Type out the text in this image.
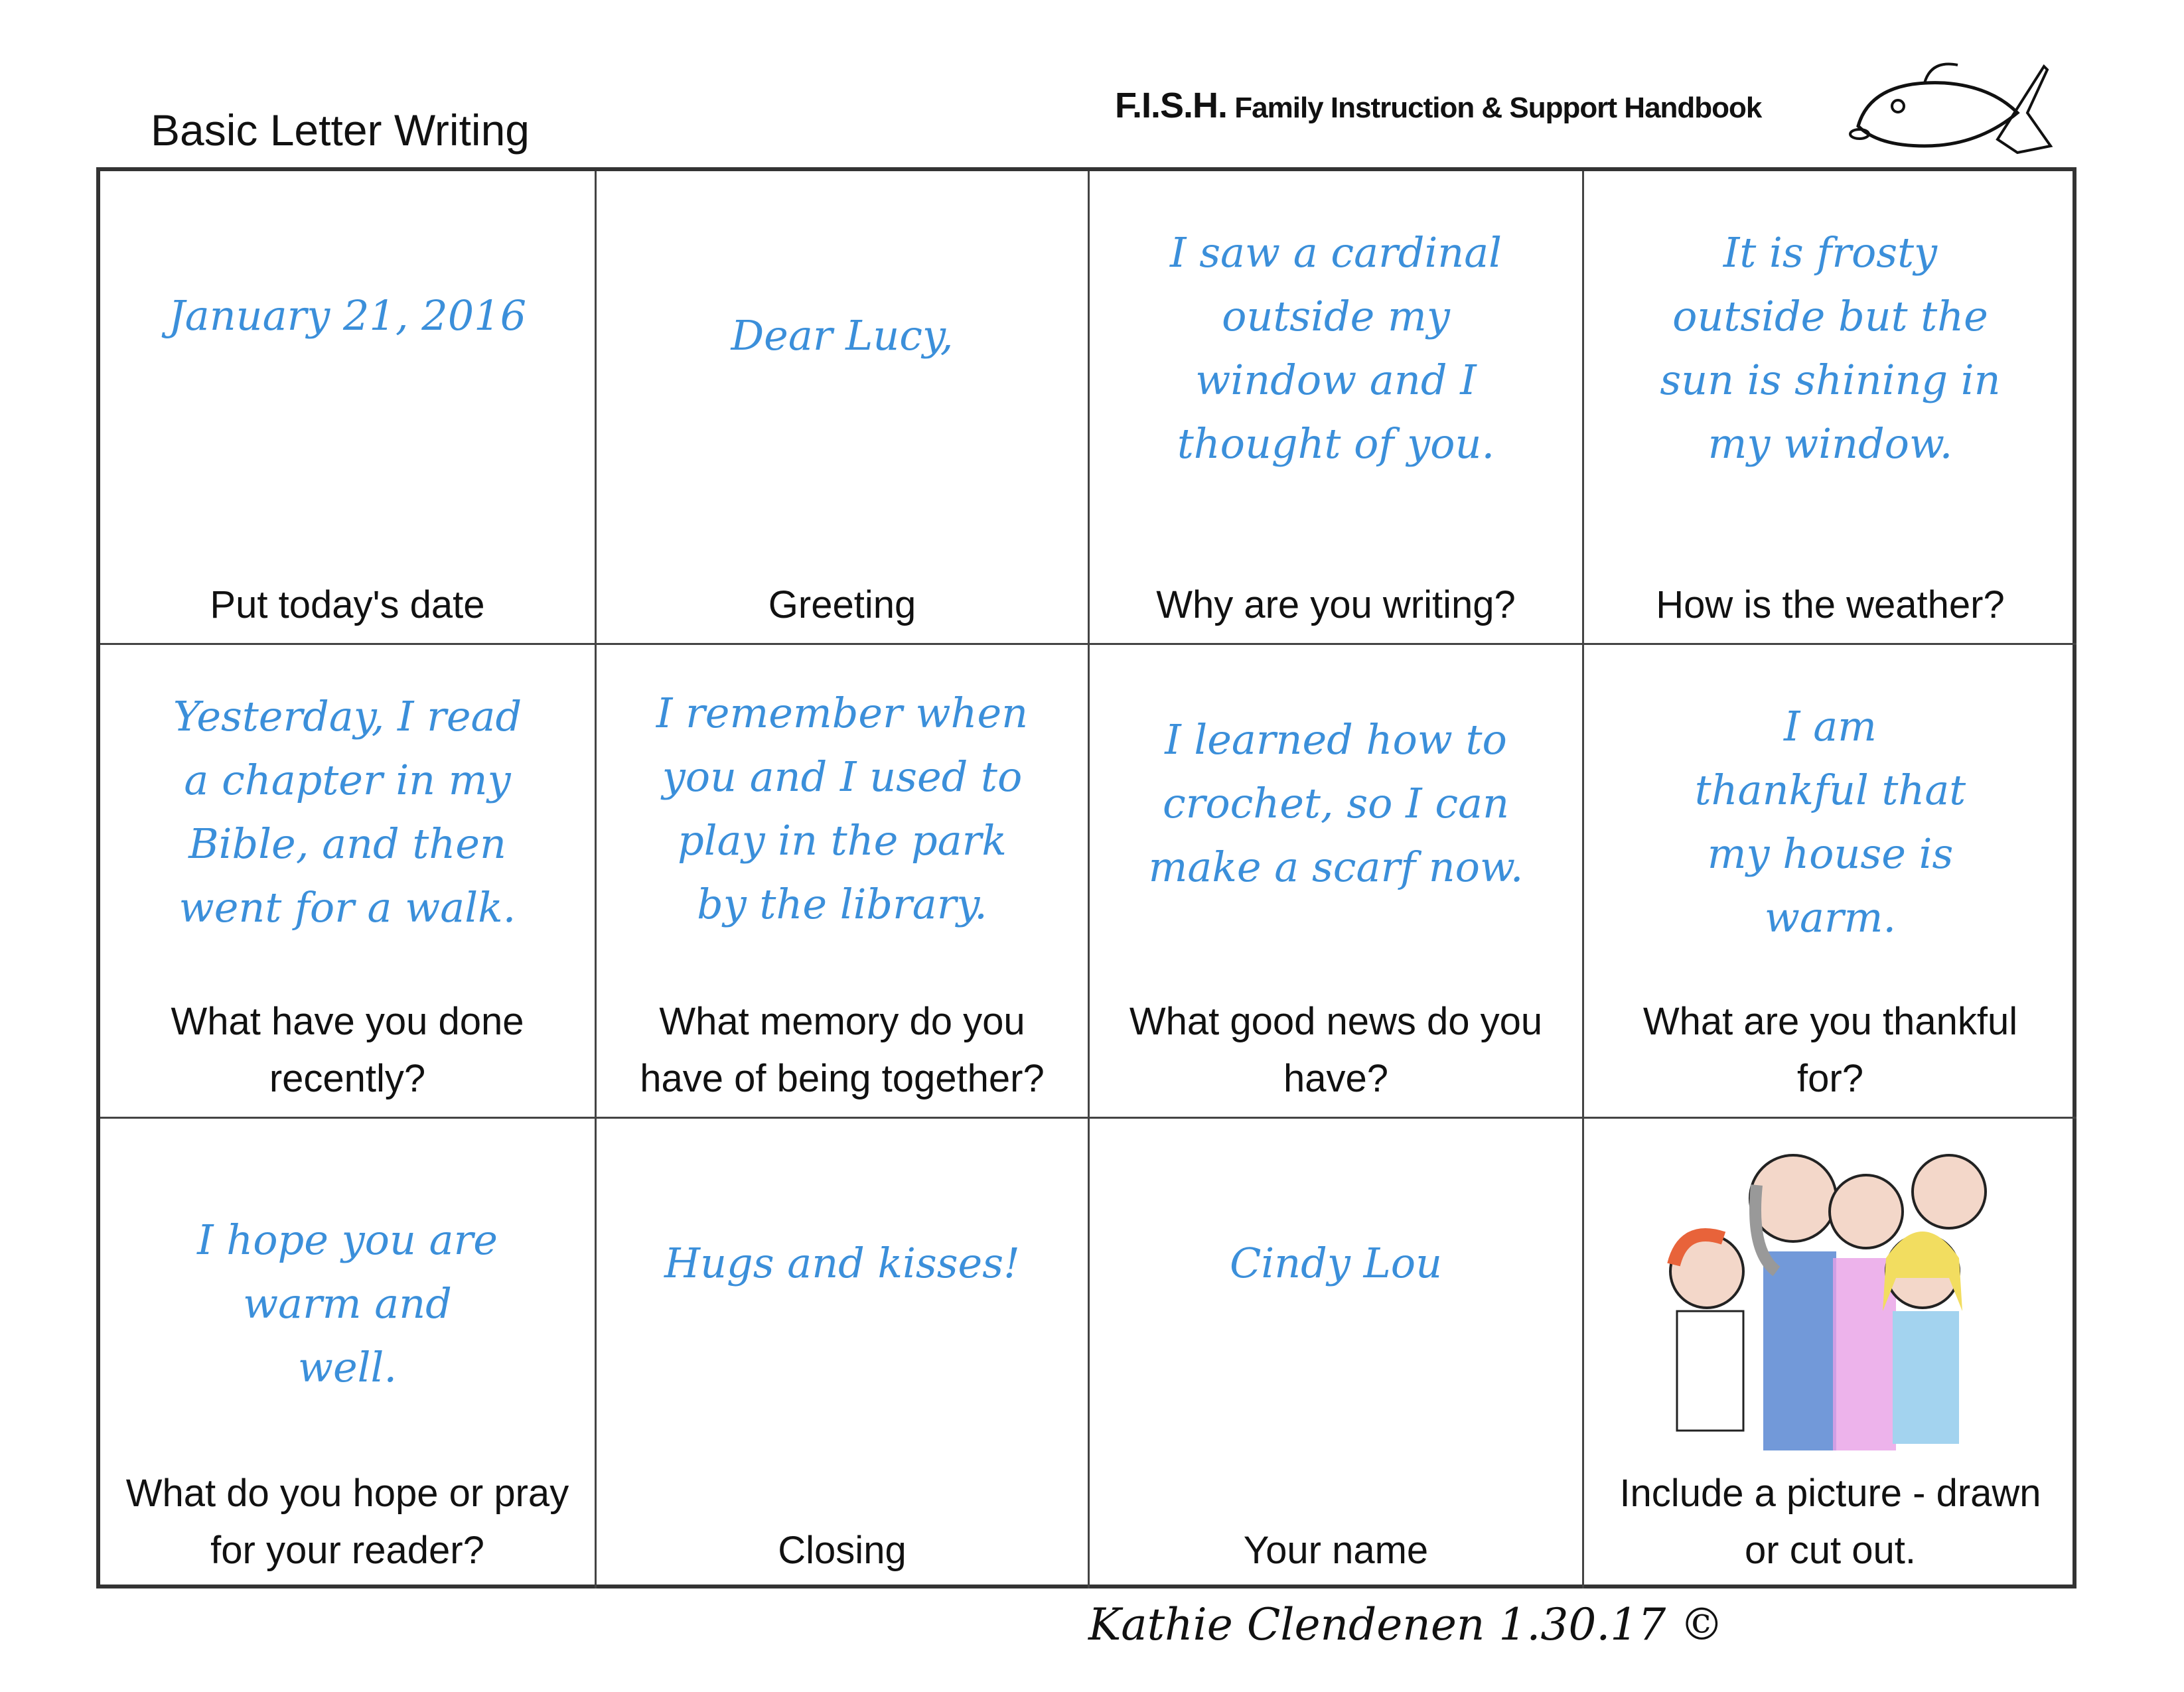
Basic Letter Writing	F.I.S.H. Family Instruction & Support Handbook
January 21, 2016
Put today's date
Dear Lucy,
Greeting
I saw a cardinal
outside my
window and I
thought of you.
Why are you writing?
It is frosty
outside but the
sun is shining in
my window.
How is the weather?
Yesterday, I read
a chapter in my
Bible, and then
went for a walk.
What have you done
recently?
I remember when
you and I used to
play in the park
by the library.
What memory do you
have of being together?
I learned how to
crochet, so I can
make a scarf now.
What good news do you
have?
I am
thankful that
my house is
warm.
What are you thankful
for?
I hope you are
warm and
well.
What do you hope or pray
for your reader?
Hugs and kisses!
Closing
Cindy Lou
Your name
Include a picture - drawn
or cut out.
Kathie Clendenen 1.30.17 ©
